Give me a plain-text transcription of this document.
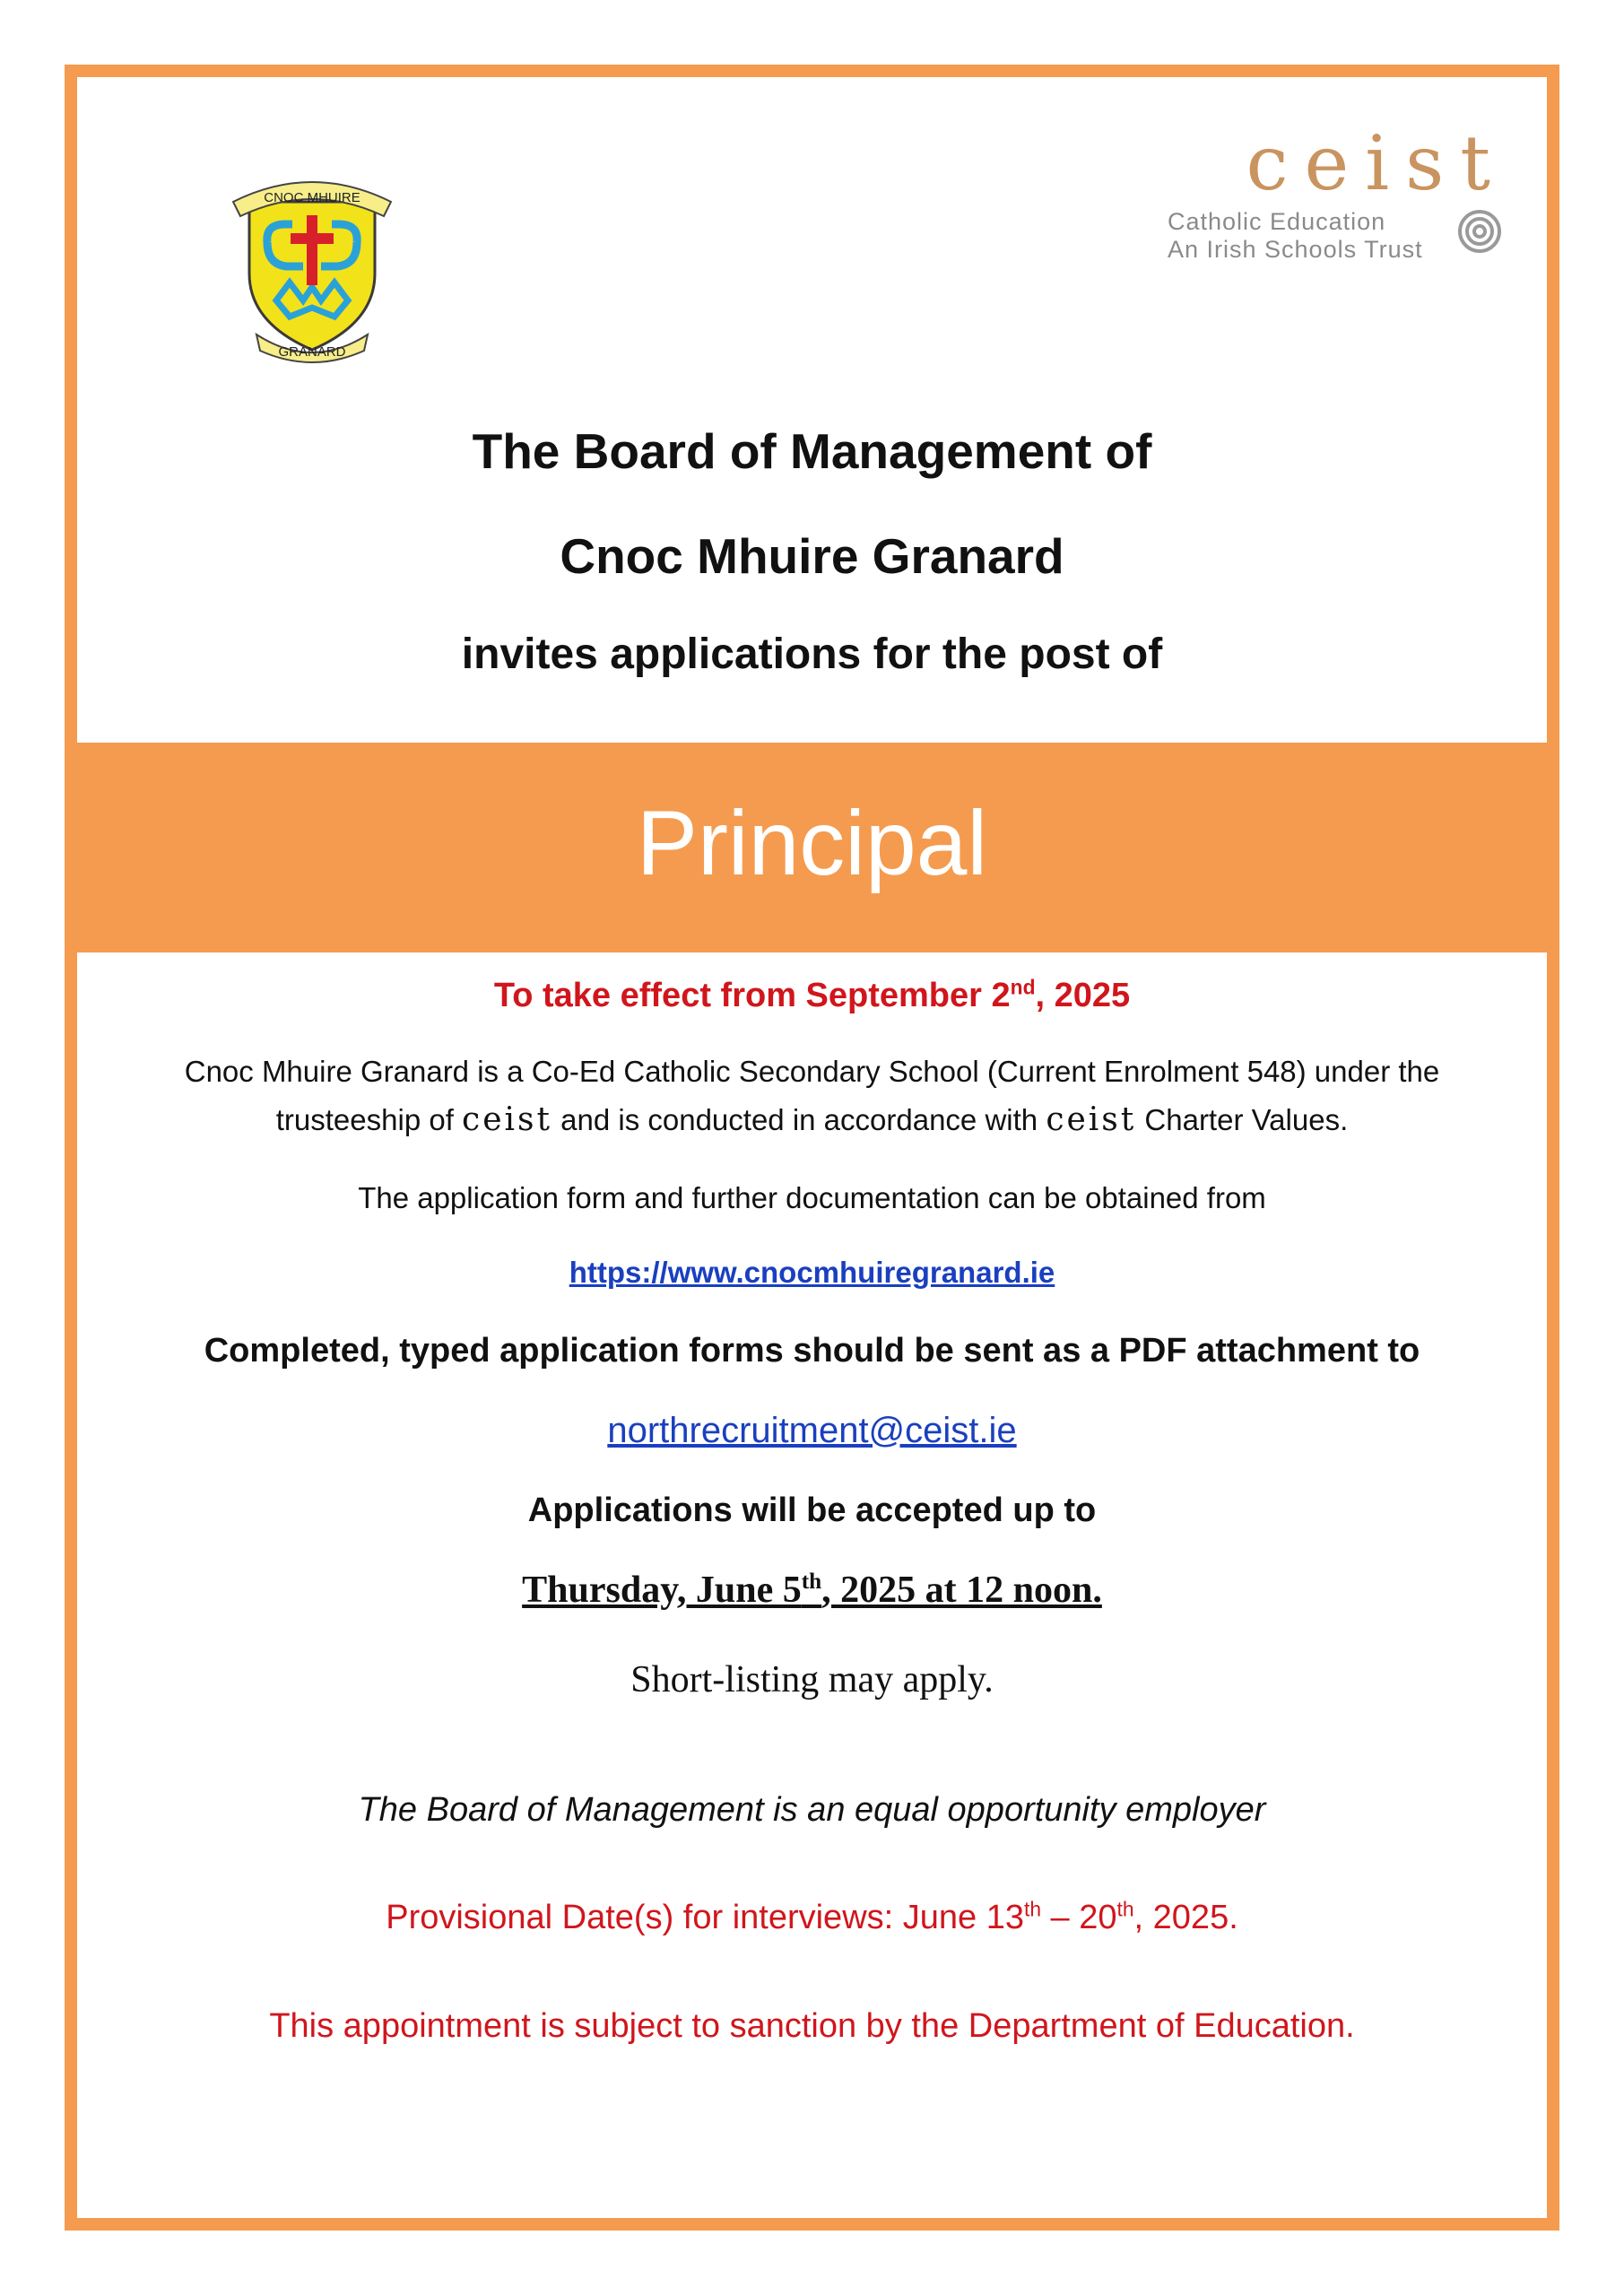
CNOC MHUIRE
GRANARD
ceist
Catholic Education
An Irish Schools Trust
The Board of Management of
Cnoc Mhuire Granard
invites applications for the post of
Principal
To take effect from September 2nd, 2025
Cnoc Mhuire Granard is a Co-Ed Catholic Secondary School (Current Enrolment 548) under the
trusteeship of ceist and is conducted in accordance with ceist Charter Values.
The application form and further documentation can be obtained from
https://www.cnocmhuiregranard.ie
Completed, typed application forms should be sent as a PDF attachment to
northrecruitment@ceist.ie
Applications will be accepted up to
Thursday, June 5th, 2025 at 12 noon.
Short-listing may apply.
The Board of Management is an equal opportunity employer
Provisional Date(s) for interviews: June 13th – 20th, 2025.
This appointment is subject to sanction by the Department of Education.
